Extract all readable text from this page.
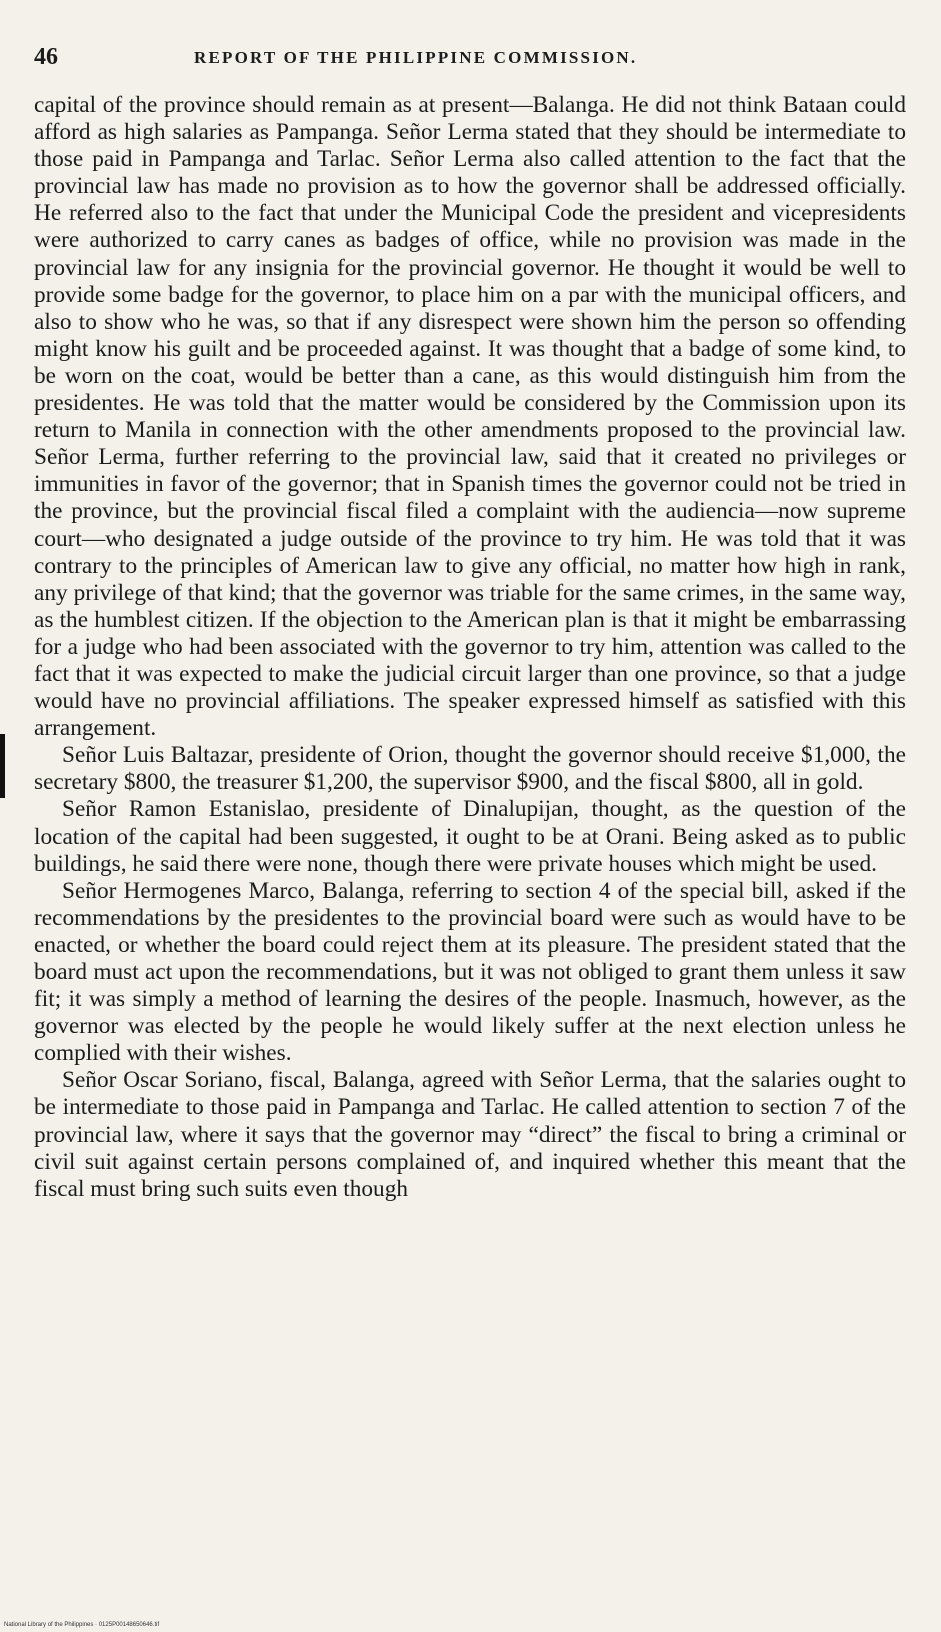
46	REPORT OF THE PHILIPPINE COMMISSION.

capital of the province should remain as at present—Balanga. He did not think Bataan could afford as high salaries as Pampanga. Señor Lerma stated that they should be intermediate to those paid in Pampanga and Tarlac. Señor Lerma also called attention to the fact that the provincial law has made no provision as to how the governor shall be addressed officially. He referred also to the fact that under the Municipal Code the president and vicepresidents were authorized to carry canes as badges of office, while no provision was made in the provincial law for any insignia for the provincial governor. He thought it would be well to provide some badge for the governor, to place him on a par with the municipal officers, and also to show who he was, so that if any disrespect were shown him the person so offending might know his guilt and be proceeded against. It was thought that a badge of some kind, to be worn on the coat, would be better than a cane, as this would distinguish him from the presidentes. He was told that the matter would be considered by the Commission upon its return to Manila in connection with the other amendments proposed to the provincial law. Señor Lerma, further referring to the provincial law, said that it created no privileges or immunities in favor of the governor; that in Spanish times the governor could not be tried in the province, but the provincial fiscal filed a complaint with the audiencia—now supreme court—who designated a judge outside of the province to try him. He was told that it was contrary to the principles of American law to give any official, no matter how high in rank, any privilege of that kind; that the governor was triable for the same crimes, in the same way, as the humblest citizen. If the objection to the American plan is that it might be embarrassing for a judge who had been associated with the governor to try him, attention was called to the fact that it was expected to make the judicial circuit larger than one province, so that a judge would have no provincial affiliations. The speaker expressed himself as satisfied with this arrangement.

Señor Luis Baltazar, presidente of Orion, thought the governor should receive $1,000, the secretary $800, the treasurer $1,200, the supervisor $900, and the fiscal $800, all in gold.

Señor Ramon Estanislao, presidente of Dinalupijan, thought, as the question of the location of the capital had been suggested, it ought to be at Orani. Being asked as to public buildings, he said there were none, though there were private houses which might be used.

Señor Hermogenes Marco, Balanga, referring to section 4 of the special bill, asked if the recommendations by the presidentes to the provincial board were such as would have to be enacted, or whether the board could reject them at its pleasure. The president stated that the board must act upon the recommendations, but it was not obliged to grant them unless it saw fit; it was simply a method of learning the desires of the people. Inasmuch, however, as the governor was elected by the people he would likely suffer at the next election unless he complied with their wishes.

Señor Oscar Soriano, fiscal, Balanga, agreed with Señor Lerma, that the salaries ought to be intermediate to those paid in Pampanga and Tarlac. He called attention to section 7 of the provincial law, where it says that the governor may “direct” the fiscal to bring a criminal or civil suit against certain persons complained of, and inquired whether this meant that the fiscal must bring such suits even though

National Library of the Philippines · 0125P00148650646.tif
